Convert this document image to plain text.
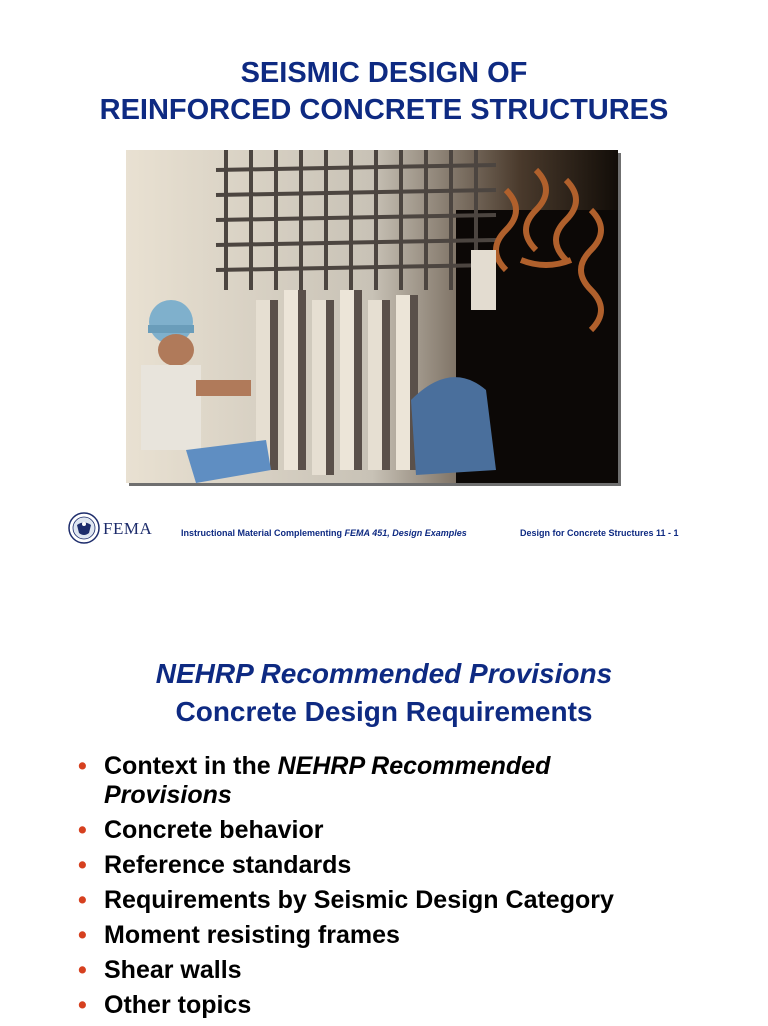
SEISMIC DESIGN OF
REINFORCED CONCRETE STRUCTURES
FEMA	Instructional Material Complementing FEMA 451, Design Examples	Design for Concrete Structures 11 - 1
NEHRP Recommended Provisions
Concrete Design Requirements
• Context in the NEHRP Recommended Provisions
• Concrete behavior
• Reference standards
• Requirements by Seismic Design Category
• Moment resisting frames
• Shear walls
• Other topics
